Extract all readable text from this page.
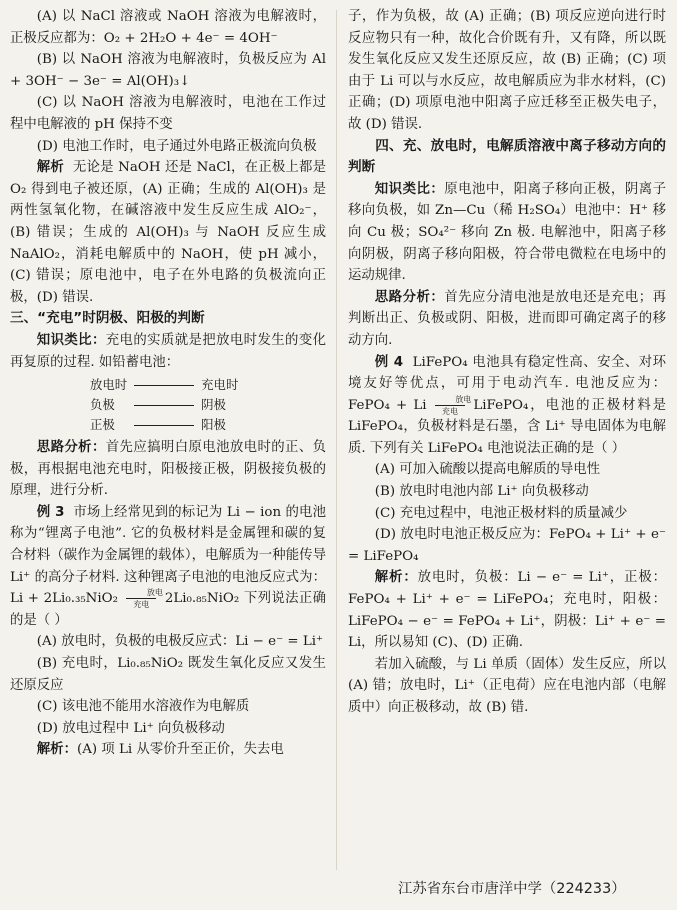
(A) 以 NaCl 溶液或 NaOH 溶液为电解液时，正极反应都为：O₂ + 2H₂O + 4e⁻ = 4OH⁻

(B) 以 NaOH 溶液为电解液时，负极反应为 Al + 3OH⁻ − 3e⁻ = Al(OH)₃↓

(C) 以 NaOH 溶液为电解液时，电池在工作过程中电解液的 pH 保持不变

(D) 电池工作时，电子通过外电路正极流向负极

解析 无论是 NaOH 还是 NaCl，在正极上都是 O₂ 得到电子被还原，(A) 正确；生成的 Al(OH)₃ 是两性氢氧化物，在碱溶液中发生反应生成 AlO₂⁻，(B) 错误；生成的 Al(OH)₃ 与 NaOH 反应生成 NaAlO₂，消耗电解质中的 NaOH，使 pH 减小，(C) 错误；原电池中，电子在外电路的负极流向正极，(D) 错误.

三、“充电”时阴极、阳极的判断

知识类比：充电的实质就是把放电时发生的变化再复原的过程. 如铅蓄电池：

放电时		充电时
负极		阴极
正极		阳极

思路分析：首先应搞明白原电池放电时的正、负极，再根据电池充电时，阳极接正极，阴极接负极的原理，进行分析.

例 3 市场上经常见到的标记为 Li − ion 的电池称为“锂离子电池”. 它的负极材料是金属锂和碳的复合材料（碳作为金属锂的载体），电解质为一种能传导 Li⁺ 的高分子材料. 这种锂离子电池的电池反应式为：Li + 2Li₀.₃₅NiO₂	放电
充电 2Li₀.₈₅NiO₂ 下列说法正确的是（ ）

(A) 放电时，负极的电极反应式：Li − e⁻ = Li⁺

(B) 充电时，Li₀.₈₅NiO₂ 既发生氧化反应又发生还原反应

(C) 该电池不能用水溶液作为电解质

(D) 放电过程中 Li⁺ 向负极移动

解析：(A) 项 Li 从零价升至正价，失去电

子，作为负极，故 (A) 正确；(B) 项反应逆向进行时反应物只有一种，故化合价既有升，又有降，所以既发生氧化反应又发生还原反应，故 (B) 正确；(C) 项由于 Li 可以与水反应，故电解质应为非水材料，(C) 正确；(D) 项原电池中阳离子应迁移至正极失电子，故 (D) 错误.

四、充、放电时，电解质溶液中离子移动方向的判断

知识类比：原电池中，阳离子移向正极，阴离子移向负极，如 Zn—Cu（稀 H₂SO₄）电池中：H⁺ 移向 Cu 极；SO₄²⁻ 移向 Zn 极. 电解池中，阳离子移向阴极，阴离子移向阳极，符合带电微粒在电场中的运动规律.

思路分析：首先应分清电池是放电还是充电；再判断出正、负极或阴、阳极，进而即可确定离子的移动方向.

例 4 LiFePO₄ 电池具有稳定性高、安全、对环境友好等优点，可用于电动汽车. 电池反应为：FePO₄ + Li	放电
充电 LiFePO₄，电池的正极材料是 LiFePO₄，负极材料是石墨，含 Li⁺ 导电固体为电解质. 下列有关 LiFePO₄ 电池说法正确的是（ ）

(A) 可加入硫酸以提高电解质的导电性

(B) 放电时电池内部 Li⁺ 向负极移动

(C) 充电过程中，电池正极材料的质量减少

(D) 放电时电池正极反应为：FePO₄ + Li⁺ + e⁻ = LiFePO₄

解析：放电时，负极：Li − e⁻ = Li⁺，正极：FePO₄ + Li⁺ + e⁻ = LiFePO₄；充电时，阳极：LiFePO₄ − e⁻ = FePO₄ + Li⁺，阴极：Li⁺ + e⁻ = Li，所以易知 (C)、(D) 正确.

若加入硫酸，与 Li 单质（固体）发生反应，所以 (A) 错；放电时，Li⁺（正电荷）应在电池内部（电解质中）向正极移动，故 (B) 错.

江苏省东台市唐洋中学（224233）
